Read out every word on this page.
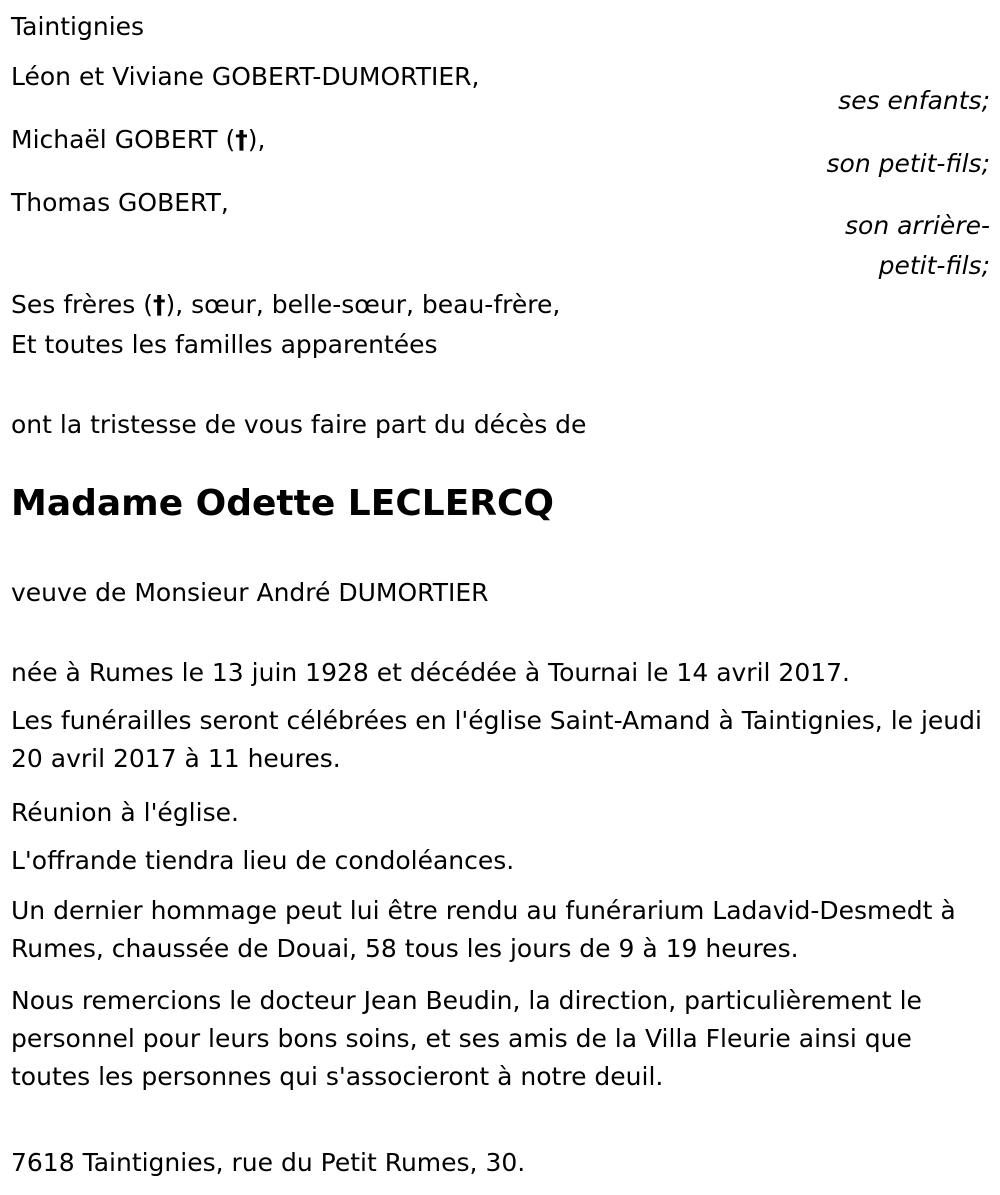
Taintignies
Léon et Viviane GOBERT-DUMORTIER,
ses enfants;
Michaël GOBERT (†),
son petit-fils;
Thomas GOBERT,
son arrière-
petit-fils;
Ses frères (†), sœur, belle-sœur, beau-frère,
Et toutes les familles apparentées
ont la tristesse de vous faire part du décès de
Madame Odette LECLERCQ
veuve de Monsieur André DUMORTIER
née à Rumes le 13 juin 1928 et décédée à Tournai le 14 avril 2017.
Les funérailles seront célébrées en l'église Saint-Amand à Taintignies, le jeudi 20 avril 2017 à 11 heures.
Réunion à l'église.
L'offrande tiendra lieu de condoléances.
Un dernier hommage peut lui être rendu au funérarium Ladavid-Desmedt à Rumes, chaussée de Douai, 58 tous les jours de 9 à 19 heures.
Nous remercions le docteur Jean Beudin, la direction, particulièrement le personnel pour leurs bons soins, et ses amis de la Villa Fleurie ainsi que toutes les personnes qui s'associeront à notre deuil.
7618 Taintignies, rue du Petit Rumes, 30.
